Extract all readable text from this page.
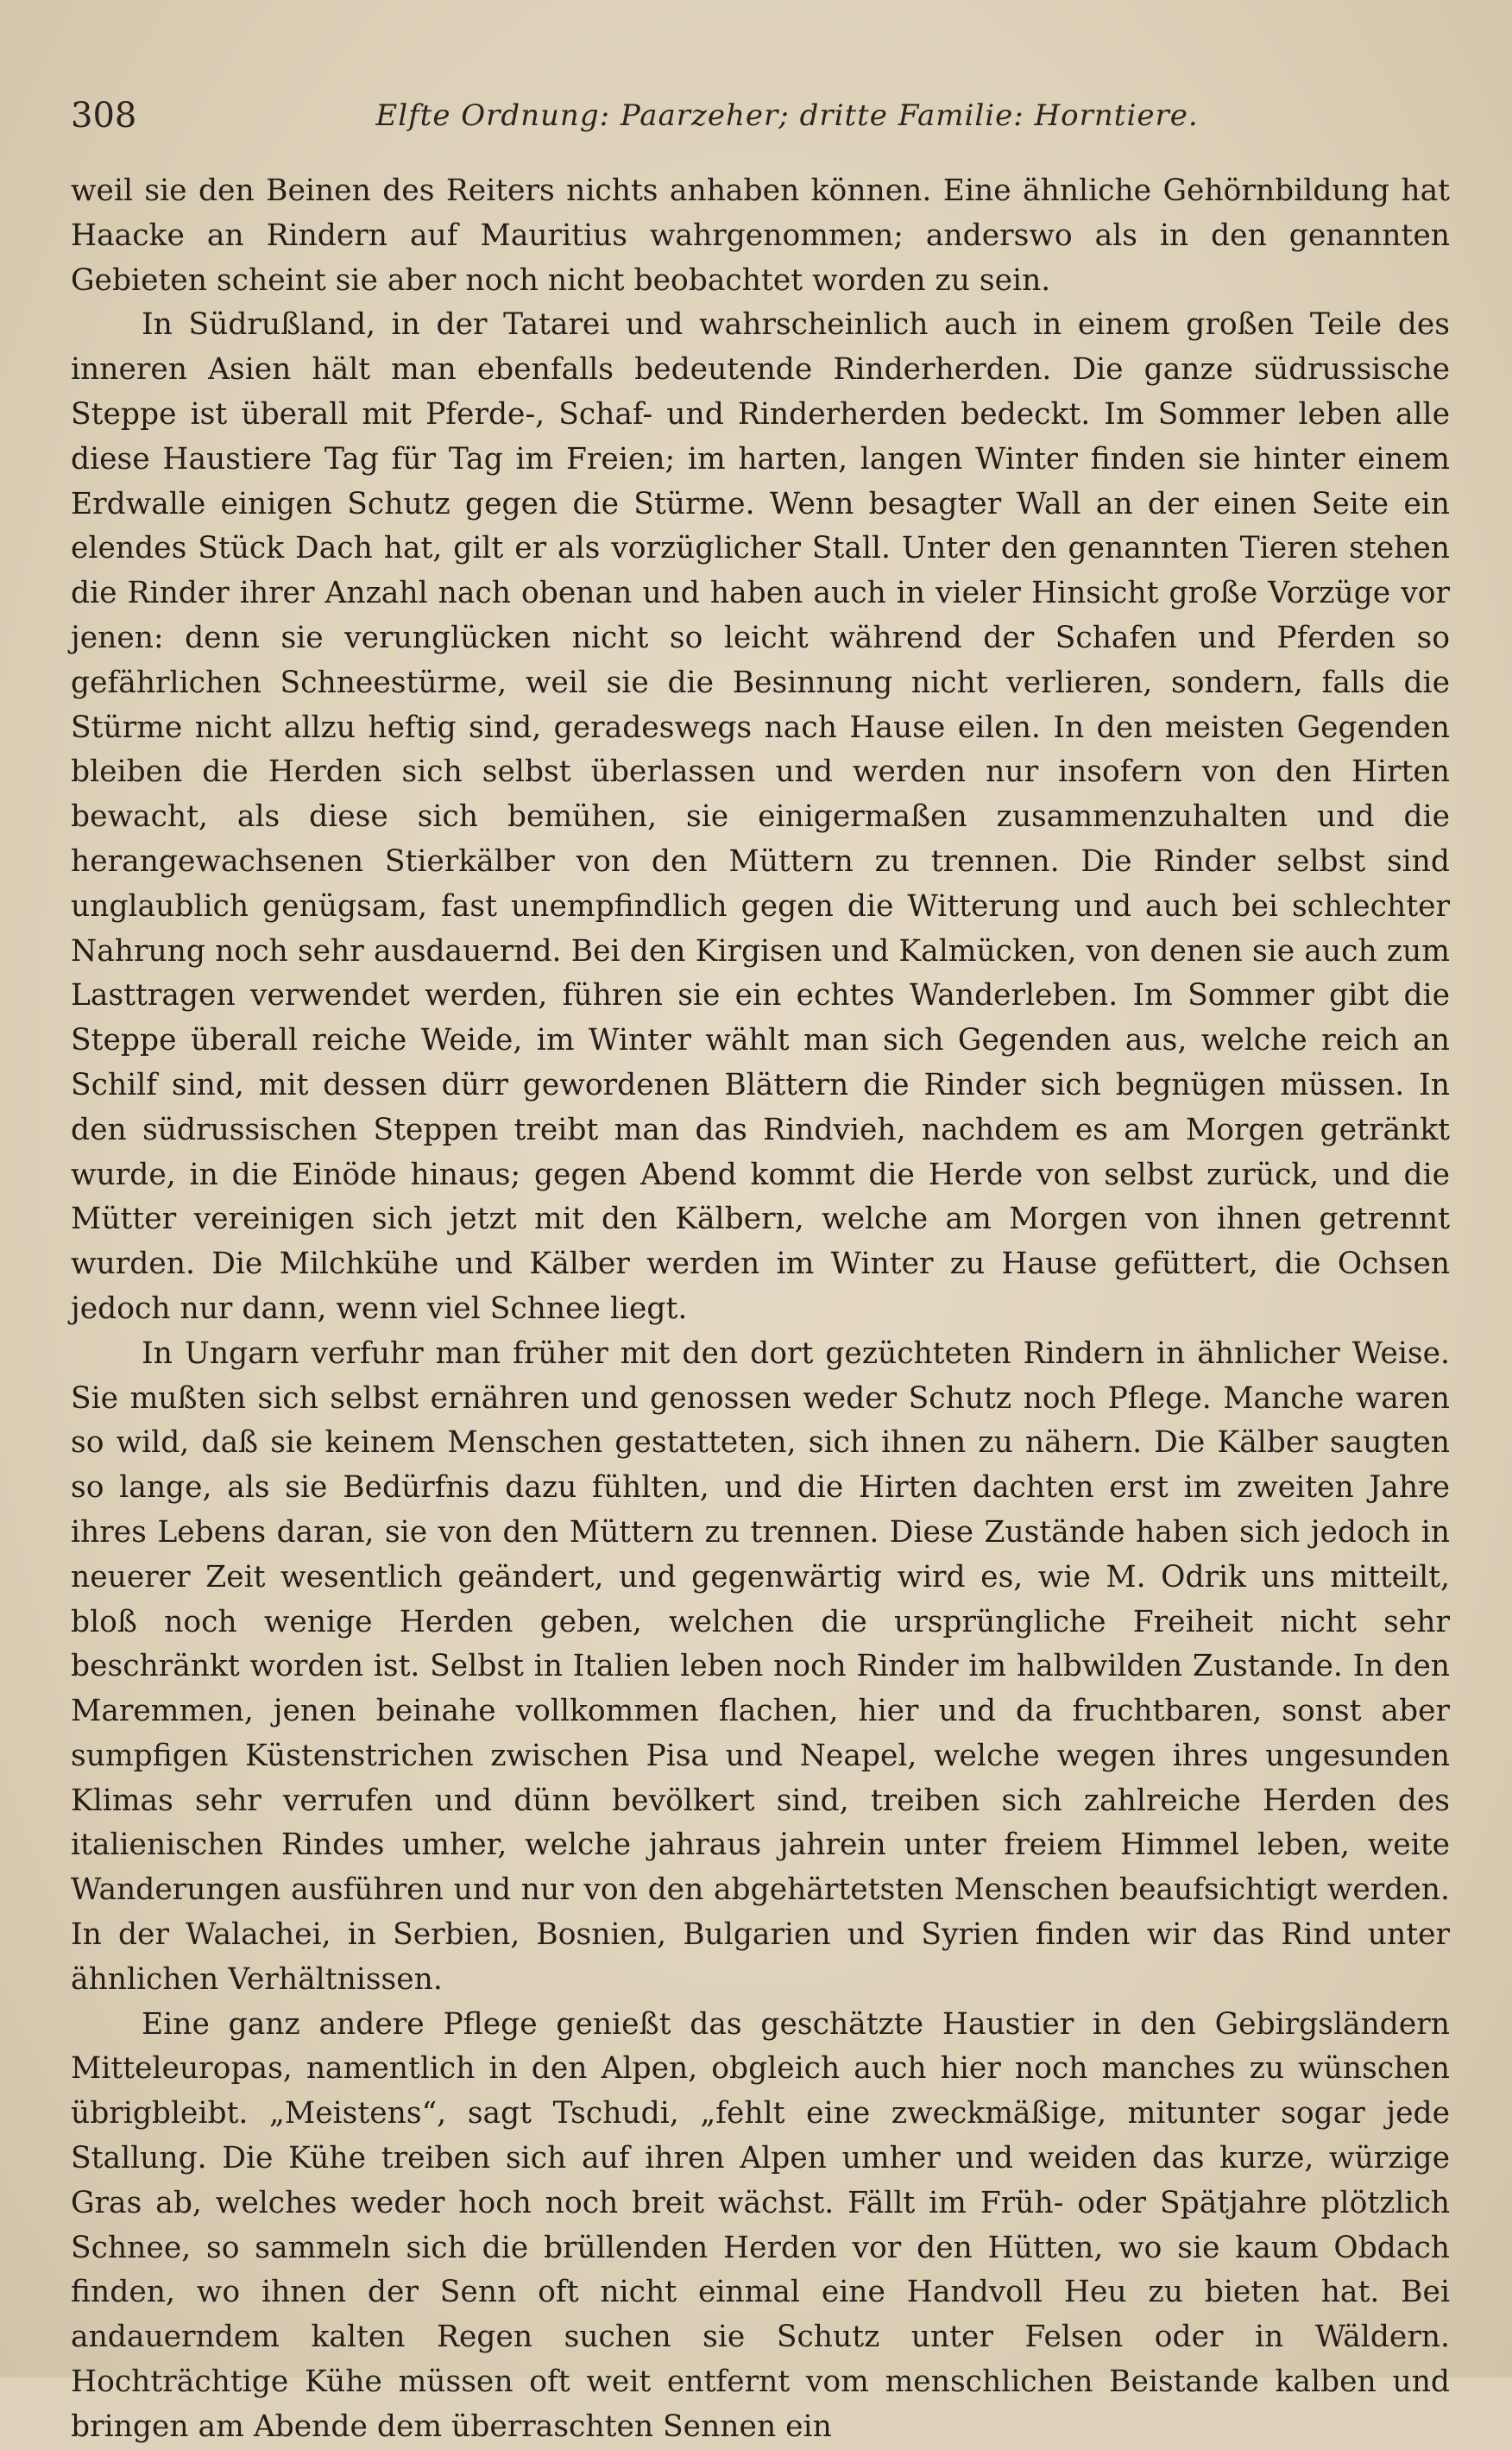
308	Elfte Ordnung: Paarzeher; dritte Familie: Horntiere.

weil sie den Beinen des Reiters nichts anhaben können. Eine ähnliche Gehörnbildung hat Haacke an Rindern auf Mauritius wahrgenommen; anderswo als in den genannten Gebieten scheint sie aber noch nicht beobachtet worden zu sein.

In Südrußland, in der Tatarei und wahrscheinlich auch in einem großen Teile des inneren Asien hält man ebenfalls bedeutende Rinderherden. Die ganze südrussische Steppe ist überall mit Pferde-, Schaf- und Rinderherden bedeckt. Im Sommer leben alle diese Haustiere Tag für Tag im Freien; im harten, langen Winter finden sie hinter einem Erdwalle einigen Schutz gegen die Stürme. Wenn besagter Wall an der einen Seite ein elendes Stück Dach hat, gilt er als vorzüglicher Stall. Unter den genannten Tieren stehen die Rinder ihrer Anzahl nach obenan und haben auch in vieler Hinsicht große Vorzüge vor jenen: denn sie verunglücken nicht so leicht während der Schafen und Pferden so gefährlichen Schneestürme, weil sie die Besinnung nicht verlieren, sondern, falls die Stürme nicht allzu heftig sind, geradeswegs nach Hause eilen. In den meisten Gegenden bleiben die Herden sich selbst überlassen und werden nur insofern von den Hirten bewacht, als diese sich bemühen, sie einigermaßen zusammenzuhalten und die herangewachsenen Stierkälber von den Müttern zu trennen. Die Rinder selbst sind unglaublich genügsam, fast unempfindlich gegen die Witterung und auch bei schlechter Nahrung noch sehr ausdauernd. Bei den Kirgisen und Kalmücken, von denen sie auch zum Lasttragen verwendet werden, führen sie ein echtes Wanderleben. Im Sommer gibt die Steppe überall reiche Weide, im Winter wählt man sich Gegenden aus, welche reich an Schilf sind, mit dessen dürr gewordenen Blättern die Rinder sich begnügen müssen. In den südrussischen Steppen treibt man das Rindvieh, nachdem es am Morgen getränkt wurde, in die Einöde hinaus; gegen Abend kommt die Herde von selbst zurück, und die Mütter vereinigen sich jetzt mit den Kälbern, welche am Morgen von ihnen getrennt wurden. Die Milchkühe und Kälber werden im Winter zu Hause gefüttert, die Ochsen jedoch nur dann, wenn viel Schnee liegt.

In Ungarn verfuhr man früher mit den dort gezüchteten Rindern in ähnlicher Weise. Sie mußten sich selbst ernähren und genossen weder Schutz noch Pflege. Manche waren so wild, daß sie keinem Menschen gestatteten, sich ihnen zu nähern. Die Kälber saugten so lange, als sie Bedürfnis dazu fühlten, und die Hirten dachten erst im zweiten Jahre ihres Lebens daran, sie von den Müttern zu trennen. Diese Zustände haben sich jedoch in neuerer Zeit wesentlich geändert, und gegenwärtig wird es, wie M. Odrik uns mitteilt, bloß noch wenige Herden geben, welchen die ursprüngliche Freiheit nicht sehr beschränkt worden ist. Selbst in Italien leben noch Rinder im halbwilden Zustande. In den Maremmen, jenen beinahe vollkommen flachen, hier und da fruchtbaren, sonst aber sumpfigen Küstenstrichen zwischen Pisa und Neapel, welche wegen ihres ungesunden Klimas sehr verrufen und dünn bevölkert sind, treiben sich zahlreiche Herden des italienischen Rindes umher, welche jahraus jahrein unter freiem Himmel leben, weite Wanderungen ausführen und nur von den abgehärtetsten Menschen beaufsichtigt werden. In der Walachei, in Serbien, Bosnien, Bulgarien und Syrien finden wir das Rind unter ähnlichen Verhältnissen.

Eine ganz andere Pflege genießt das geschätzte Haustier in den Gebirgsländern Mitteleuropas, namentlich in den Alpen, obgleich auch hier noch manches zu wünschen übrigbleibt. „Meistens“, sagt Tschudi, „fehlt eine zweckmäßige, mitunter sogar jede Stallung. Die Kühe treiben sich auf ihren Alpen umher und weiden das kurze, würzige Gras ab, welches weder hoch noch breit wächst. Fällt im Früh- oder Spätjahre plötzlich Schnee, so sammeln sich die brüllenden Herden vor den Hütten, wo sie kaum Obdach finden, wo ihnen der Senn oft nicht einmal eine Handvoll Heu zu bieten hat. Bei andauerndem kalten Regen suchen sie Schutz unter Felsen oder in Wäldern. Hochträchtige Kühe müssen oft weit entfernt vom menschlichen Beistande kalben und bringen am Abende dem überraschten Sennen ein
